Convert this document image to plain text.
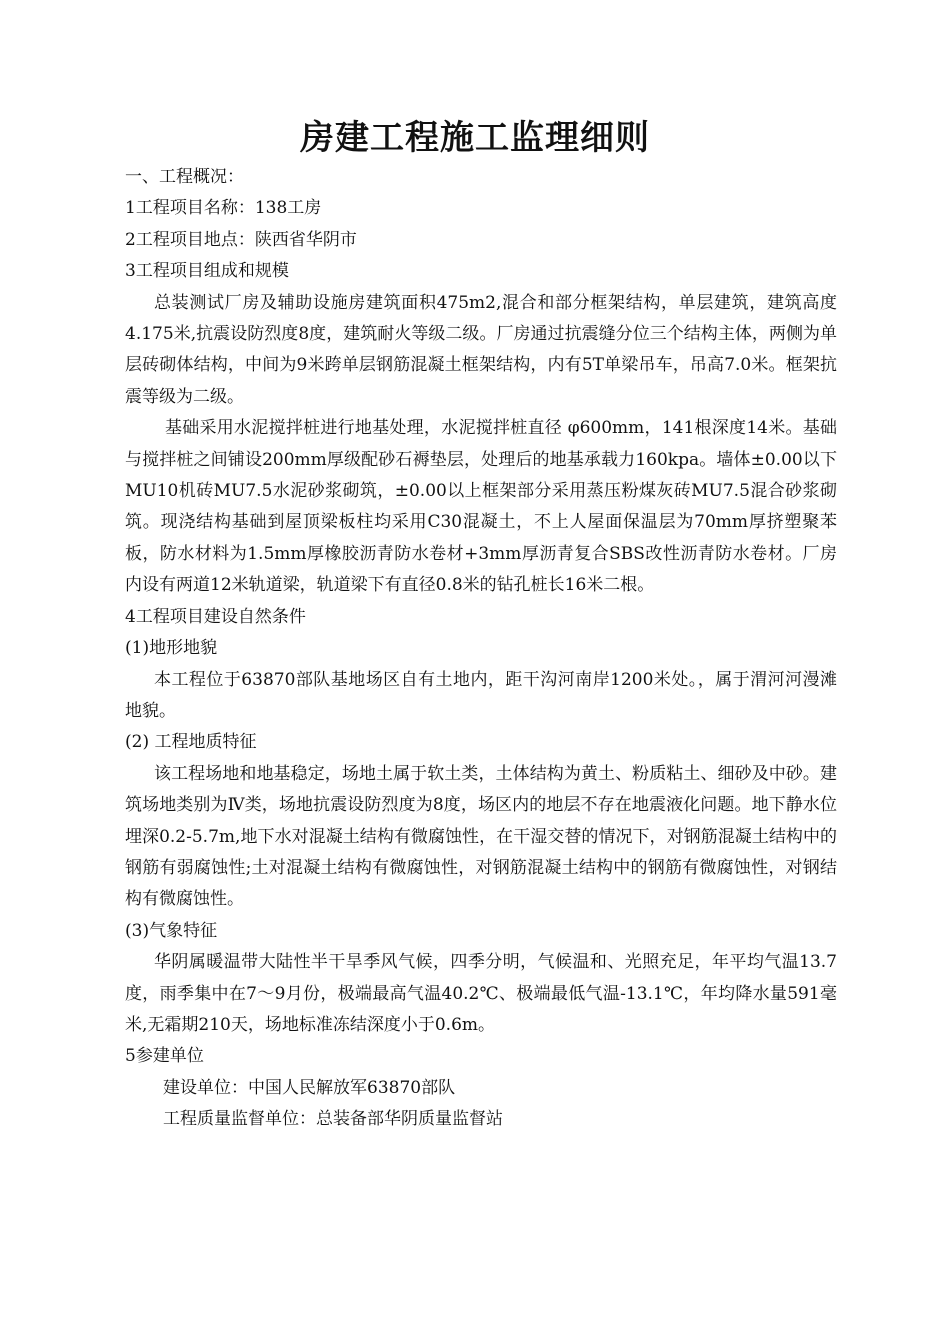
房建工程施工监理细则
一、工程概况：
1工程项目名称：138工房
2工程项目地点：陕西省华阴市
3工程项目组成和规模
总装测试厂房及辅助设施房建筑面积475m2,混合和部分框架结构，单层建筑，建筑高度4.175米,抗震设防烈度8度，建筑耐火等级二级。厂房通过抗震缝分位三个结构主体，两侧为单层砖砌体结构，中间为9米跨单层钢筋混凝土框架结构，内有5T单梁吊车，吊高7.0米。框架抗震等级为二级。
基础采用水泥搅拌桩进行地基处理，水泥搅拌桩直径 φ600mm，141根深度14米。基础与搅拌桩之间铺设200mm厚级配砂石褥垫层，处理后的地基承载力160kpa。墙体±0.00以下MU10机砖MU7.5水泥砂浆砌筑，±0.00以上框架部分采用蒸压粉煤灰砖MU7.5混合砂浆砌筑。现浇结构基础到屋顶梁板柱均采用C30混凝土，不上人屋面保温层为70mm厚挤塑聚苯板，防水材料为1.5mm厚橡胶沥青防水卷材+3mm厚沥青复合SBS改性沥青防水卷材。厂房内设有两道12米轨道梁，轨道梁下有直径0.8米的钻孔桩长16米二根。
4工程项目建设自然条件
(1)地形地貌
本工程位于63870部队基地场区自有土地内，距干沟河南岸1200米处。，属于渭河河漫滩地貌。
(2) 工程地质特征
该工程场地和地基稳定，场地土属于软土类，土体结构为黄土、粉质粘土、细砂及中砂。建筑场地类别为Ⅳ类，场地抗震设防烈度为8度，场区内的地层不存在地震液化问题。地下静水位埋深0.2-5.7m,地下水对混凝土结构有微腐蚀性，在干湿交替的情况下，对钢筋混凝土结构中的钢筋有弱腐蚀性;土对混凝土结构有微腐蚀性，对钢筋混凝土结构中的钢筋有微腐蚀性，对钢结构有微腐蚀性。
(3)气象特征
华阴属暖温带大陆性半干旱季风气候，四季分明，气候温和、光照充足，年平均气温13.7度，雨季集中在7～9月份，极端最高气温40.2℃、极端最低气温-13.1℃，年均降水量591毫米,无霜期210天，场地标准冻结深度小于0.6m。
5参建单位
建设单位：中国人民解放军63870部队
工程质量监督单位：总装备部华阴质量监督站
